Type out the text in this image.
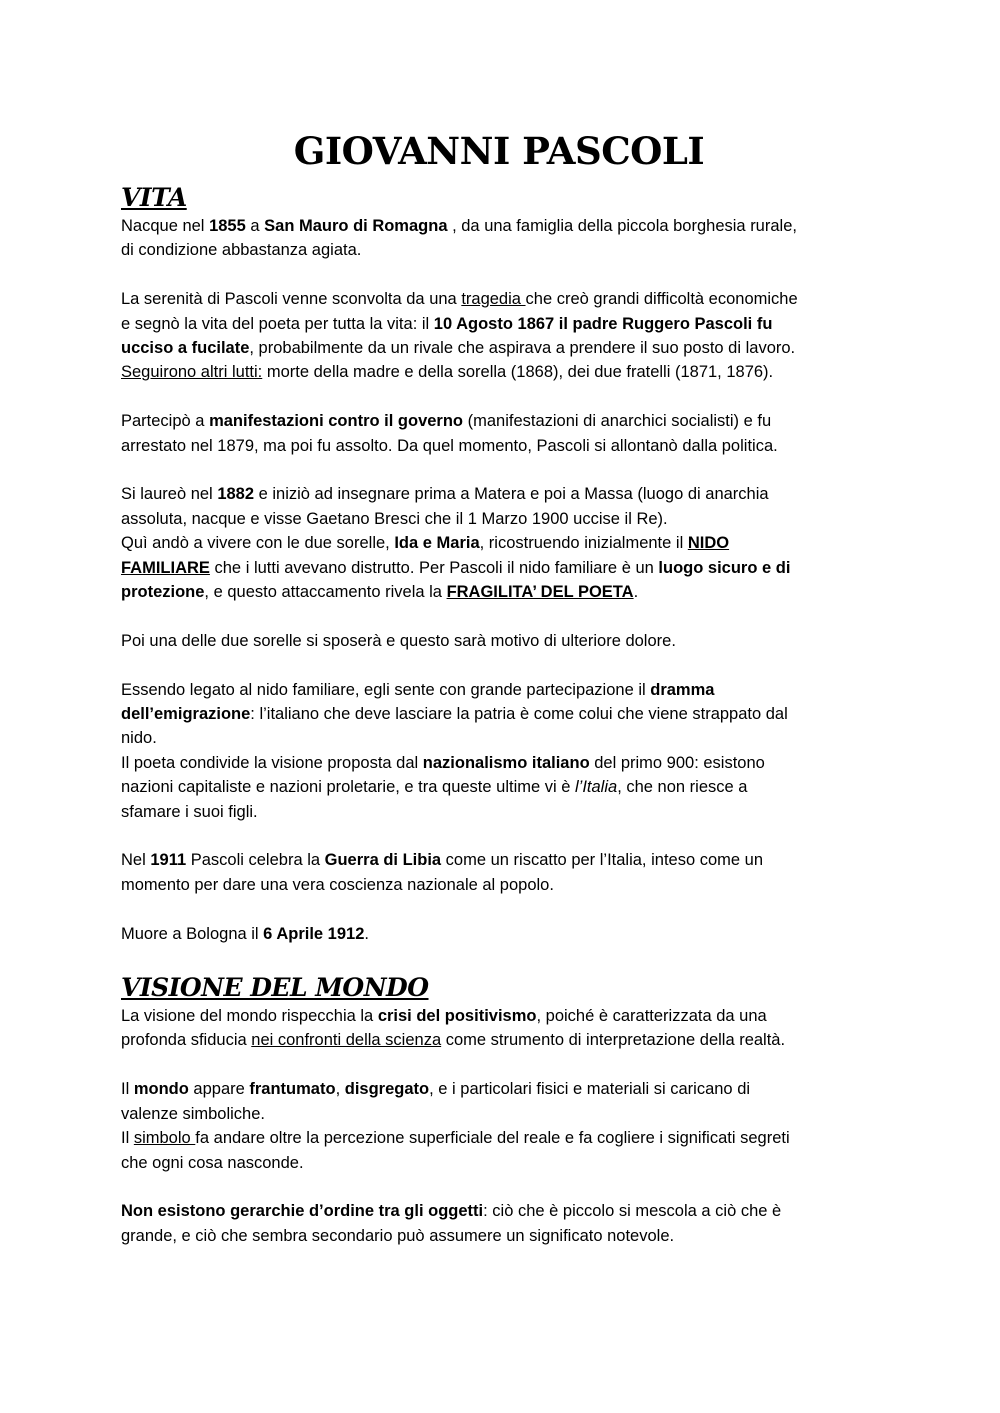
GIOVANNI PASCOLI
VITA
Nacque nel 1855 a San Mauro di Romagna , da una famiglia della piccola borghesia rurale,
di condizione abbastanza agiata.
La serenità di Pascoli venne sconvolta da una tragedia che creò grandi difficoltà economiche
e segnò la vita del poeta per tutta la vita: il 10 Agosto 1867 il padre Ruggero Pascoli fu
ucciso a fucilate, probabilmente da un rivale che aspirava a prendere il suo posto di lavoro.
Seguirono altri lutti: morte della madre e della sorella (1868), dei due fratelli (1871, 1876).
Partecipò a manifestazioni contro il governo (manifestazioni di anarchici socialisti) e fu
arrestato nel 1879, ma poi fu assolto. Da quel momento, Pascoli si allontanò dalla politica.
Si laureò nel 1882 e iniziò ad insegnare prima a Matera e poi a Massa (luogo di anarchia
assoluta, nacque e visse Gaetano Bresci che il 1 Marzo 1900 uccise il Re).
Quì andò a vivere con le due sorelle, Ida e Maria, ricostruendo inizialmente il NIDO
FAMILIARE che i lutti avevano distrutto. Per Pascoli il nido familiare è un luogo sicuro e di
protezione, e questo attaccamento rivela la FRAGILITA’ DEL POETA.
Poi una delle due sorelle si sposerà e questo sarà motivo di ulteriore dolore.
Essendo legato al nido familiare, egli sente con grande partecipazione il dramma
dell’emigrazione: l’italiano che deve lasciare la patria è come colui che viene strappato dal
nido.
Il poeta condivide la visione proposta dal nazionalismo italiano del primo 900: esistono
nazioni capitaliste e nazioni proletarie, e tra queste ultime vi è l’Italia, che non riesce a
sfamare i suoi figli.
Nel 1911 Pascoli celebra la Guerra di Libia come un riscatto per l’Italia, inteso come un
momento per dare una vera coscienza nazionale al popolo.
Muore a Bologna il 6 Aprile 1912.
VISIONE DEL MONDO
La visione del mondo rispecchia la crisi del positivismo, poiché è caratterizzata da una
profonda sfiducia nei confronti della scienza come strumento di interpretazione della realtà.
Il mondo appare frantumato, disgregato, e i particolari fisici e materiali si caricano di
valenze simboliche.
Il simbolo fa andare oltre la percezione superficiale del reale e fa cogliere i significati segreti
che ogni cosa nasconde.
Non esistono gerarchie d’ordine tra gli oggetti: ciò che è piccolo si mescola a ciò che è
grande, e ciò che sembra secondario può assumere un significato notevole.
